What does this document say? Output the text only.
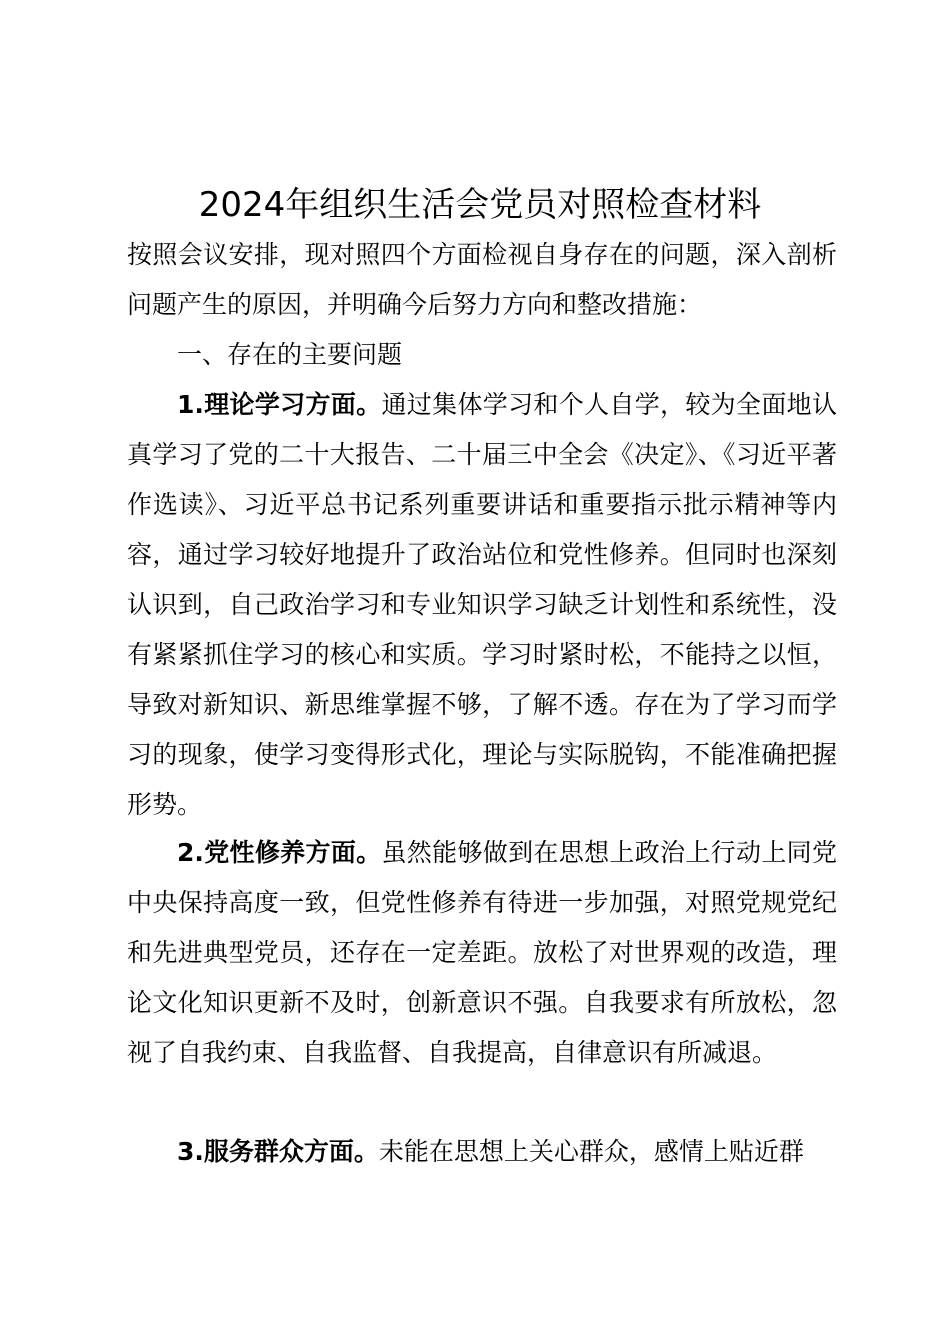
2024年组织生活会党员对照检查材料

按照会议安排，现对照四个方面检视自身存在的问题，深入剖析问题产生的原因，并明确今后努力方向和整改措施：

一、存在的主要问题

1.理论学习方面。通过集体学习和个人自学，较为全面地认真学习了党的二十大报告、二十届三中全会《决定》、《习近平著作选读》、习近平总书记系列重要讲话和重要指示批示精神等内容，通过学习较好地提升了政治站位和党性修养。但同时也深刻认识到，自己政治学习和专业知识学习缺乏计划性和系统性，没有紧紧抓住学习的核心和实质。学习时紧时松，不能持之以恒，导致对新知识、新思维掌握不够，了解不透。存在为了学习而学习的现象，使学习变得形式化，理论与实际脱钩，不能准确把握形势。

2.党性修养方面。虽然能够做到在思想上政治上行动上同党中央保持高度一致，但党性修养有待进一步加强，对照党规党纪和先进典型党员，还存在一定差距。放松了对世界观的改造，理论文化知识更新不及时，创新意识不强。自我要求有所放松，忽视了自我约束、自我监督、自我提高，自律意识有所减退。

3.服务群众方面。未能在思想上关心群众，感情上贴近群
